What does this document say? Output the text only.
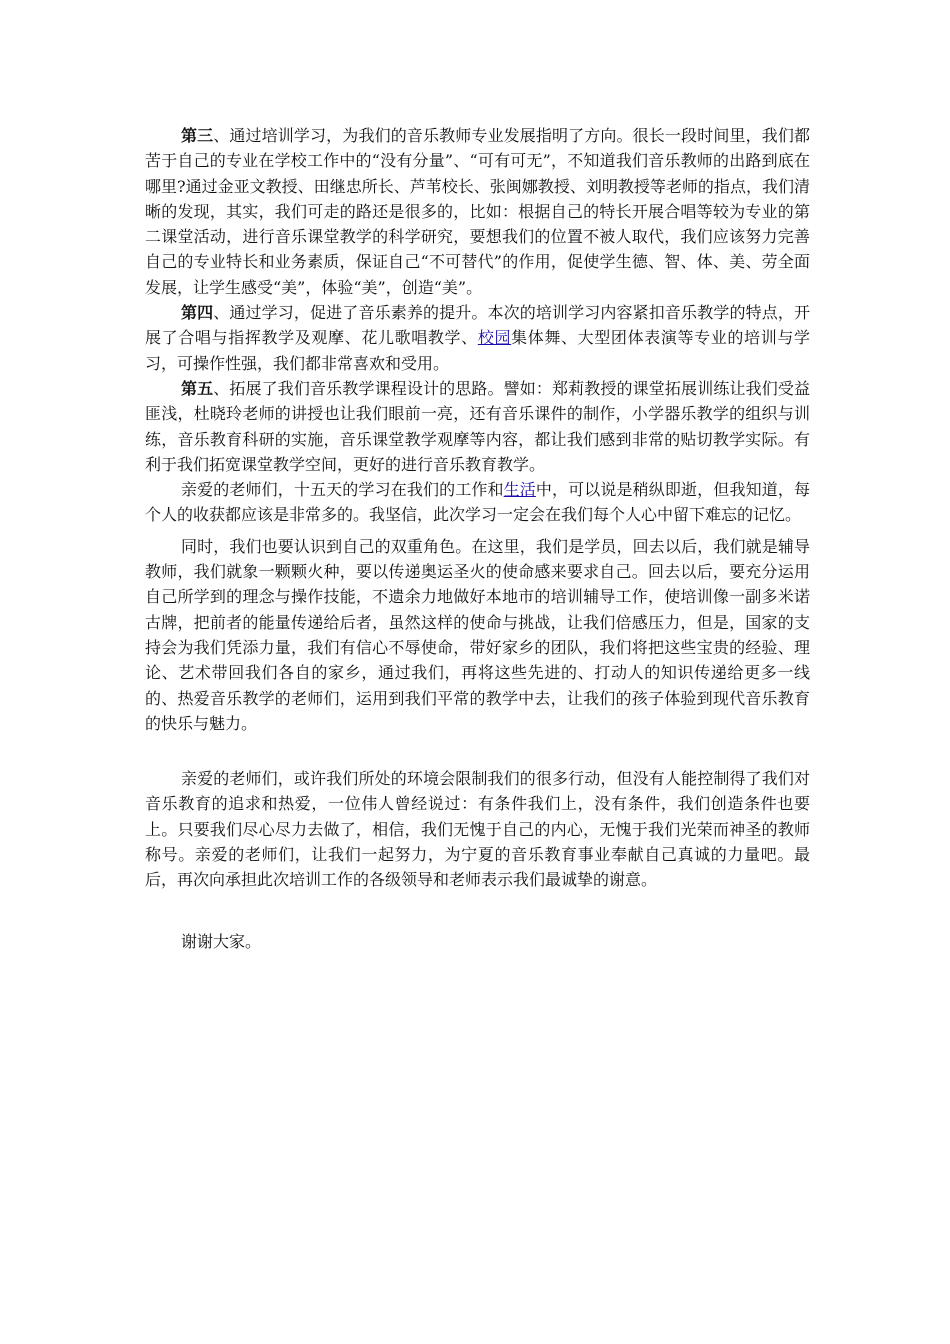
第三、通过培训学习，为我们的音乐教师专业发展指明了方向。很长一段时间里，我们都苦于自己的专业在学校工作中的“没有分量”、“可有可无”，不知道我们音乐教师的出路到底在哪里?通过金亚文教授、田继忠所长、芦苇校长、张闽娜教授、刘明教授等老师的指点，我们清晰的发现，其实，我们可走的路还是很多的，比如：根据自己的特长开展合唱等较为专业的第二课堂活动，进行音乐课堂教学的科学研究，要想我们的位置不被人取代，我们应该努力完善自己的专业特长和业务素质，保证自己“不可替代”的作用，促使学生德、智、体、美、劳全面发展，让学生感受“美”，体验“美”，创造“美”。

第四、通过学习，促进了音乐素养的提升。本次的培训学习内容紧扣音乐教学的特点，开展了合唱与指挥教学及观摩、花儿歌唱教学、校园集体舞、大型团体表演等专业的培训与学习，可操作性强，我们都非常喜欢和受用。

第五、拓展了我们音乐教学课程设计的思路。譬如：郑莉教授的课堂拓展训练让我们受益匪浅，杜晓玲老师的讲授也让我们眼前一亮，还有音乐课件的制作，小学器乐教学的组织与训练，音乐教育科研的实施，音乐课堂教学观摩等内容，都让我们感到非常的贴切教学实际。有利于我们拓宽课堂教学空间，更好的进行音乐教育教学。

亲爱的老师们，十五天的学习在我们的工作和生活中，可以说是稍纵即逝，但我知道，每个人的收获都应该是非常多的。我坚信，此次学习一定会在我们每个人心中留下难忘的记忆。

同时，我们也要认识到自己的双重角色。在这里，我们是学员，回去以后，我们就是辅导教师，我们就象一颗颗火种，要以传递奥运圣火的使命感来要求自己。回去以后，要充分运用自己所学到的理念与操作技能，不遗余力地做好本地市的培训辅导工作，使培训像一副多米诺古牌，把前者的能量传递给后者，虽然这样的使命与挑战，让我们倍感压力，但是，国家的支持会为我们凭添力量，我们有信心不辱使命，带好家乡的团队，我们将把这些宝贵的经验、理论、艺术带回我们各自的家乡，通过我们，再将这些先进的、打动人的知识传递给更多一线的、热爱音乐教学的老师们，运用到我们平常的教学中去，让我们的孩子体验到现代音乐教育的快乐与魅力。

亲爱的老师们，或许我们所处的环境会限制我们的很多行动，但没有人能控制得了我们对音乐教育的追求和热爱，一位伟人曾经说过：有条件我们上，没有条件，我们创造条件也要上。只要我们尽心尽力去做了，相信，我们无愧于自己的内心，无愧于我们光荣而神圣的教师称号。亲爱的老师们，让我们一起努力，为宁夏的音乐教育事业奉献自己真诚的力量吧。最后，再次向承担此次培训工作的各级领导和老师表示我们最诚挚的谢意。

谢谢大家。
